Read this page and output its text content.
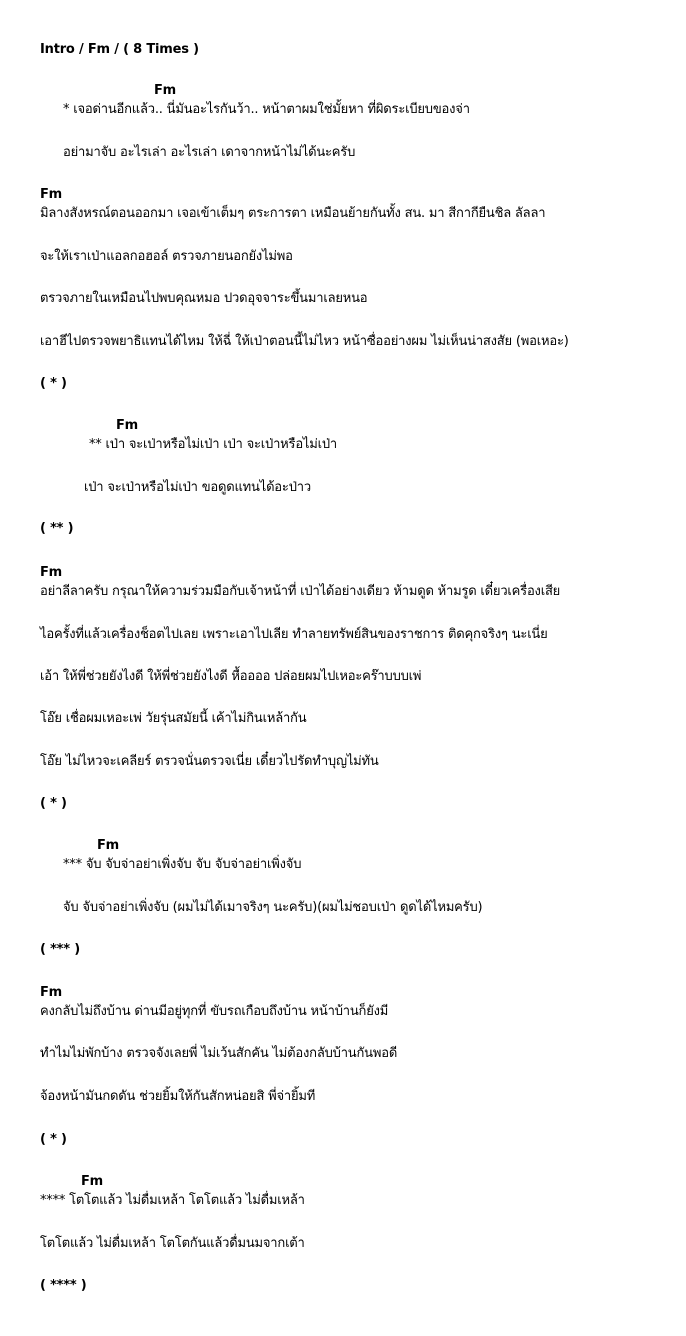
Intro / Fm / ( 8 Times )
Fm
* เจอด่านอีกแล้ว.. นี่มันอะไรกันว้า.. หน้าตาผมใช่มั้ยหา ที่ผิดระเบียบของจ่า
อย่ามาจับ อะไรเล่า อะไรเล่า เดาจากหน้าไม่ได้นะครับ
Fm
มิลางสังหรณ์ตอนออกมา เจอเข้าเต็มๆ ตระการตา เหมือนย้ายกันทั้ง สน. มา สีกากียืนชิล ลัลลา
จะให้เราเป่าแอลกอฮอล์ ตรวจภายนอกยังไม่พอ
ตรวจภายในเหมือนไปพบคุณหมอ ปวดอุจจาระขึ้นมาเลยหนอ
เอาฮีไปตรวจพยาธิแทนได้ไหม ให้ฉี่ ให้เป่าตอนนี้ไม่ไหว หน้าซื่ออย่างผม ไม่เห็นน่าสงสัย (พอเหอะ)
( * )
Fm
** เป่า จะเป่าหรือไม่เป่า เป่า จะเป่าหรือไม่เป่า
เป่า จะเป่าหรือไม่เป่า ขอดูดแทนได้อะป่าว
( ** )
Fm
อย่าลีลาครับ กรุณาให้ความร่วมมือกับเจ้าหน้าที่ เป่าได้อย่างเดียว ห้ามดูด ห้ามรูด เดี๋ยวเครื่องเสีย
ไอครั้งที่แล้วเครื่องช็อตไปเลย เพราะเอาไปเลีย ทำลายทรัพย์สินของราชการ ติดคุกจริงๆ นะเนี่ย
เอ้า ให้พี่ช่วยยังไงดี ให้พี่ช่วยยังไงดี หื้ออออ ปล่อยผมไปเหอะคร๊าบบบเพ่
โอ๊ย เชื่อผมเหอะเพ่ วัยรุ่นสมัยนี้ เค้าไม่กินเหล้ากัน
โอ๊ย ไม่ไหวจะเคลียร์ ตรวจนั่นตรวจเนี่ย เดี๋ยวไปรัดทำบุญไม่ทัน
( * )
Fm
*** จับ จับจ่าอย่าเพิ่งจับ จับ จับจ่าอย่าเพิ่งจับ
จับ จับจ่าอย่าเพิ่งจับ (ผมไม่ได้เมาจริงๆ นะครับ)(ผมไม่ชอบเป่า ดูดได้ไหมครับ)
( *** )
Fm
คงกลับไม่ถึงบ้าน ด่านมีอยู่ทุกที่ ขับรถเกือบถึงบ้าน หน้าบ้านก็ยังมี
ทำไมไม่พักบ้าง ตรวจจังเลยพี่ ไม่เว้นสักคัน ไม่ต้องกลับบ้านกันพอดี
จ้องหน้ามันกดดัน ช่วยยิ้มให้กันสักหน่อยสิ พี่จ่ายิ้มที
( * )
Fm
**** โตโตแล้ว ไม่ดื่มเหล้า โตโตแล้ว ไม่ดื่มเหล้า
โตโตแล้ว ไม่ดื่มเหล้า โตโตกันแล้วดื่มนมจากเต้า
( **** )
